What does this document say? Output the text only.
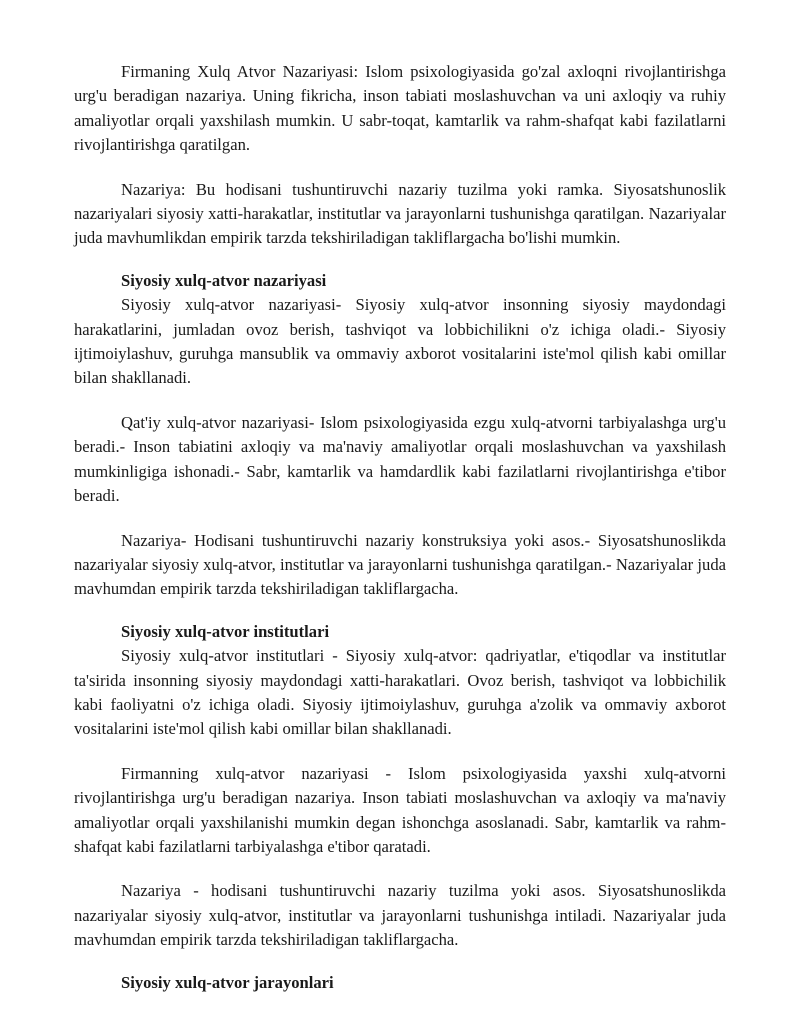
Firmaning Xulq Atvor Nazariyasi: Islom psixologiyasida go'zal axloqni rivojlantirishga urg'u beradigan nazariya. Uning fikricha, inson tabiati moslashuvchan va uni axloqiy va ruhiy amaliyotlar orqali yaxshilash mumkin. U sabr-toqat, kamtarlik va rahm-shafqat kabi fazilatlarni rivojlantirishga qaratilgan.

Nazariya: Bu hodisani tushuntiruvchi nazariy tuzilma yoki ramka. Siyosatshunoslik nazariyalari siyosiy xatti-harakatlar, institutlar va jarayonlarni tushunishga qaratilgan. Nazariyalar juda mavhumlikdan empirik tarzda tekshiriladigan takliflargacha bo'lishi mumkin.

Siyosiy xulq-atvor nazariyasi

Siyosiy xulq-atvor nazariyasi- Siyosiy xulq-atvor insonning siyosiy maydondagi harakatlarini, jumladan ovoz berish, tashviqot va lobbichilikni o'z ichiga oladi.- Siyosiy ijtimoiylashuv, guruhga mansublik va ommaviy axborot vositalarini iste'mol qilish kabi omillar bilan shakllanadi.

Qat'iy xulq-atvor nazariyasi- Islom psixologiyasida ezgu xulq-atvorni tarbiyalashga urg'u beradi.- Inson tabiatini axloqiy va ma'naviy amaliyotlar orqali moslashuvchan va yaxshilash mumkinligiga ishonadi.- Sabr, kamtarlik va hamdardlik kabi fazilatlarni rivojlantirishga e'tibor beradi.

Nazariya- Hodisani tushuntiruvchi nazariy konstruksiya yoki asos.- Siyosatshunoslikda nazariyalar siyosiy xulq-atvor, institutlar va jarayonlarni tushunishga qaratilgan.- Nazariyalar juda mavhumdan empirik tarzda tekshiriladigan takliflargacha.

Siyosiy xulq-atvor institutlari

Siyosiy xulq-atvor institutlari - Siyosiy xulq-atvor: qadriyatlar, e'tiqodlar va institutlar ta'sirida insonning siyosiy maydondagi xatti-harakatlari. Ovoz berish, tashviqot va lobbichilik kabi faoliyatni o'z ichiga oladi. Siyosiy ijtimoiylashuv, guruhga a'zolik va ommaviy axborot vositalarini iste'mol qilish kabi omillar bilan shakllanadi.

Firmanning xulq-atvor nazariyasi - Islom psixologiyasida yaxshi xulq-atvorni rivojlantirishga urg'u beradigan nazariya. Inson tabiati moslashuvchan va axloqiy va ma'naviy amaliyotlar orqali yaxshilanishi mumkin degan ishonchga asoslanadi. Sabr, kamtarlik va rahm-shafqat kabi fazilatlarni tarbiyalashga e'tibor qaratadi.

Nazariya - hodisani tushuntiruvchi nazariy tuzilma yoki asos. Siyosatshunoslikda nazariyalar siyosiy xulq-atvor, institutlar va jarayonlarni tushunishga intiladi. Nazariyalar juda mavhumdan empirik tarzda tekshiriladigan takliflargacha.

Siyosiy xulq-atvor jarayonlari
